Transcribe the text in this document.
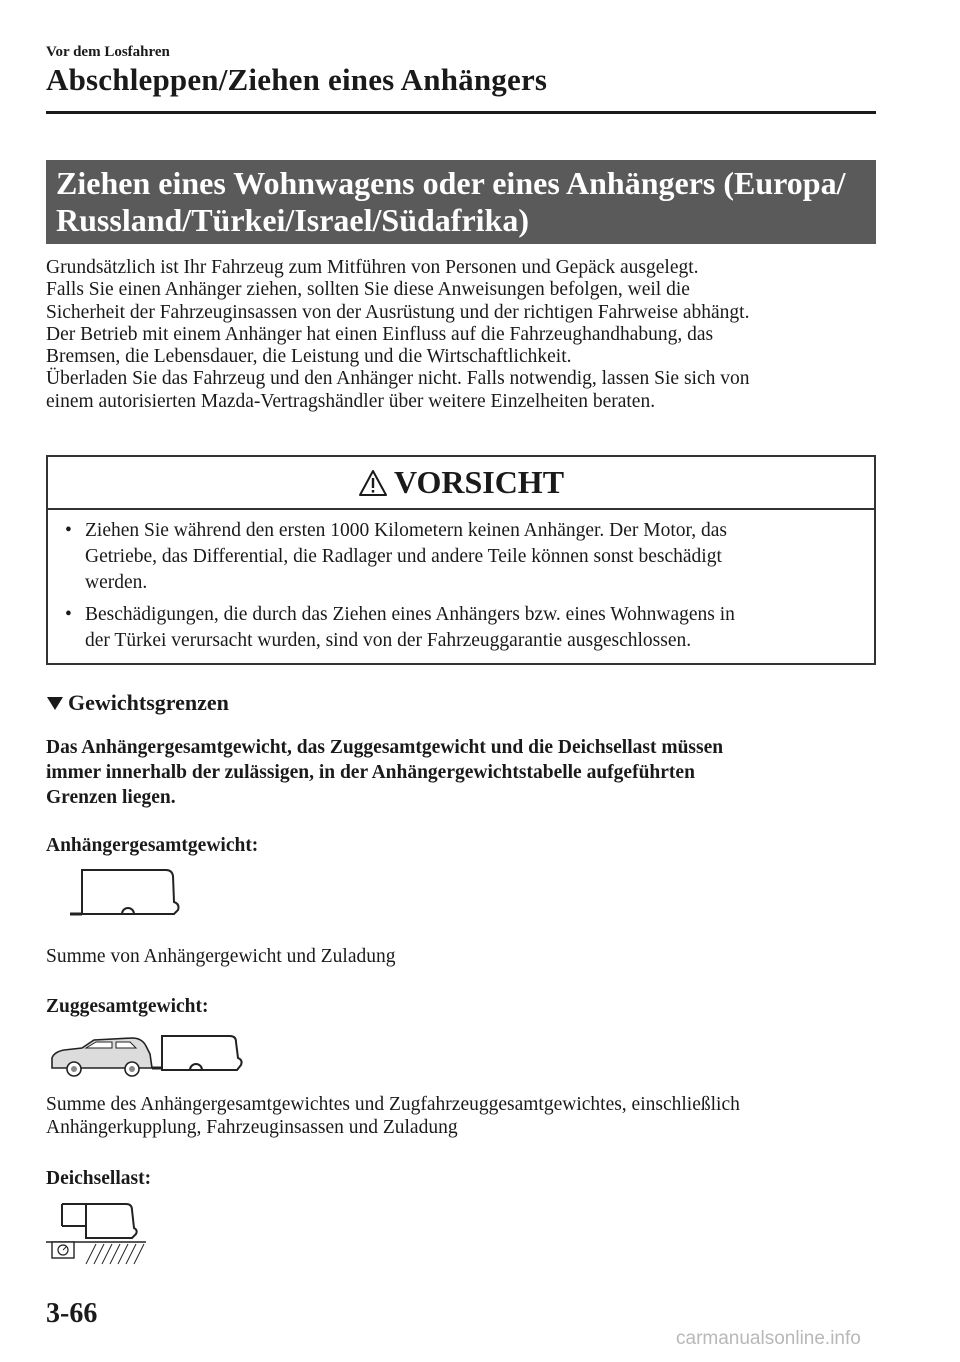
Vor dem Losfahren
Abschleppen/Ziehen eines Anhängers
Ziehen eines Wohnwagens oder eines Anhängers (Europa/
Russland/Türkei/Israel/Südafrika)
Grundsätzlich ist Ihr Fahrzeug zum Mitführen von Personen und Gepäck ausgelegt.
Falls Sie einen Anhänger ziehen, sollten Sie diese Anweisungen befolgen, weil die
Sicherheit der Fahrzeuginsassen von der Ausrüstung und der richtigen Fahrweise abhängt.
Der Betrieb mit einem Anhänger hat einen Einfluss auf die Fahrzeughandhabung, das
Bremsen, die Lebensdauer, die Leistung und die Wirtschaftlichkeit.
Überladen Sie das Fahrzeug und den Anhänger nicht. Falls notwendig, lassen Sie sich von
einem autorisierten Mazda-Vertragshändler über weitere Einzelheiten beraten.
VORSICHT
• Ziehen Sie während den ersten 1000 Kilometern keinen Anhänger. Der Motor, das
Getriebe, das Differential, die Radlager und andere Teile können sonst beschädigt
werden.
• Beschädigungen, die durch das Ziehen eines Anhängers bzw. eines Wohnwagens in
der Türkei verursacht wurden, sind von der Fahrzeuggarantie ausgeschlossen.
Gewichtsgrenzen
Das Anhängergesamtgewicht, das Zuggesamtgewicht und die Deichsellast müssen
immer innerhalb der zulässigen, in der Anhängergewichtstabelle aufgeführten
Grenzen liegen.
Anhängergesamtgewicht:
Summe von Anhängergewicht und Zuladung
Zuggesamtgewicht:
Summe des Anhängergesamtgewichtes und Zugfahrzeuggesamtgewichtes, einschließlich
Anhängerkupplung, Fahrzeuginsassen und Zuladung
Deichsellast:
3-66
carmanualsonline.info
